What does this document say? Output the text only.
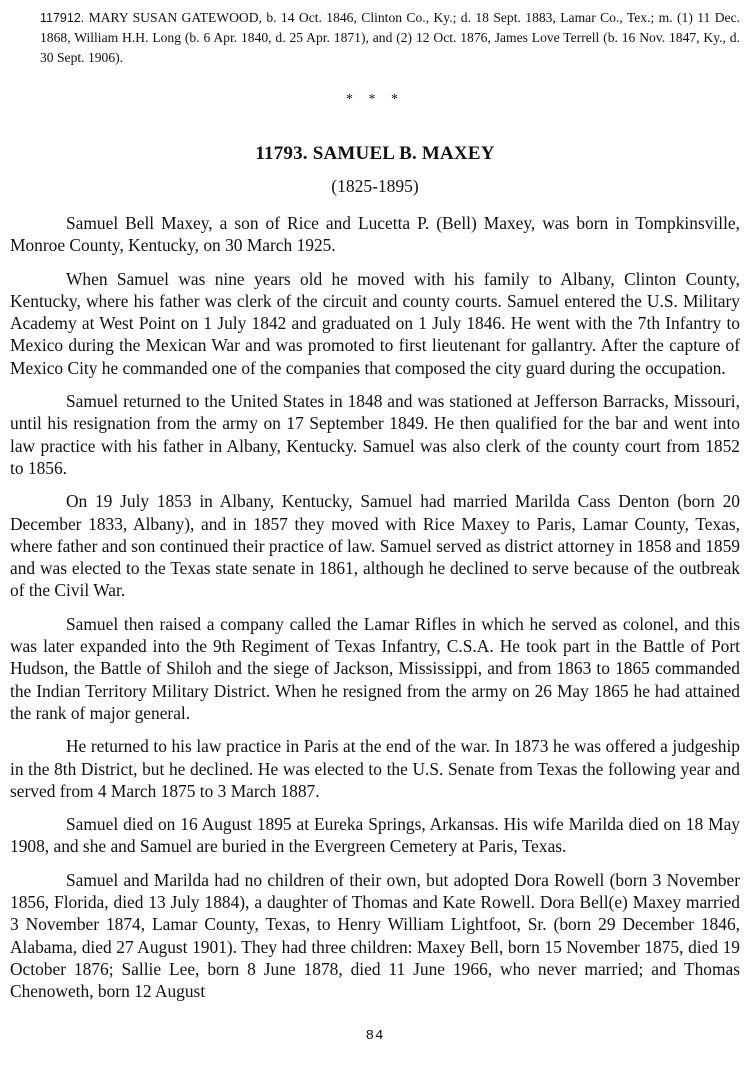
117912. MARY SUSAN GATEWOOD, b. 14 Oct. 1846, Clinton Co., Ky.; d. 18 Sept. 1883, Lamar Co., Tex.; m. (1) 11 Dec. 1868, William H.H. Long (b. 6 Apr. 1840, d. 25 Apr. 1871), and (2) 12 Oct. 1876, James Love Terrell (b. 16 Nov. 1847, Ky., d. 30 Sept. 1906).
* * *
11793. SAMUEL B. MAXEY
(1825-1895)

Samuel Bell Maxey, a son of Rice and Lucetta P. (Bell) Maxey, was born in Tompkinsville, Monroe County, Kentucky, on 30 March 1925.

When Samuel was nine years old he moved with his family to Albany, Clinton County, Kentucky, where his father was clerk of the circuit and county courts. Samuel entered the U.S. Military Academy at West Point on 1 July 1842 and graduated on 1 July 1846. He went with the 7th Infantry to Mexico during the Mexican War and was promoted to first lieutenant for gallantry. After the capture of Mexico City he commanded one of the companies that composed the city guard during the occupation.

Samuel returned to the United States in 1848 and was stationed at Jefferson Barracks, Missouri, until his resignation from the army on 17 September 1849. He then qualified for the bar and went into law practice with his father in Albany, Kentucky. Samuel was also clerk of the county court from 1852 to 1856.

On 19 July 1853 in Albany, Kentucky, Samuel had married Marilda Cass Denton (born 20 December 1833, Albany), and in 1857 they moved with Rice Maxey to Paris, Lamar County, Texas, where father and son continued their practice of law. Samuel served as district attorney in 1858 and 1859 and was elected to the Texas state senate in 1861, although he declined to serve because of the outbreak of the Civil War.

Samuel then raised a company called the Lamar Rifles in which he served as colonel, and this was later expanded into the 9th Regiment of Texas Infantry, C.S.A. He took part in the Battle of Port Hudson, the Battle of Shiloh and the siege of Jackson, Mississippi, and from 1863 to 1865 commanded the Indian Territory Military District. When he resigned from the army on 26 May 1865 he had attained the rank of major general.

He returned to his law practice in Paris at the end of the war. In 1873 he was offered a judgeship in the 8th District, but he declined. He was elected to the U.S. Senate from Texas the following year and served from 4 March 1875 to 3 March 1887.

Samuel died on 16 August 1895 at Eureka Springs, Arkansas. His wife Marilda died on 18 May 1908, and she and Samuel are buried in the Evergreen Cemetery at Paris, Texas.

Samuel and Marilda had no children of their own, but adopted Dora Rowell (born 3 November 1856, Florida, died 13 July 1884), a daughter of Thomas and Kate Rowell. Dora Bell(e) Maxey married 3 November 1874, Lamar County, Texas, to Henry William Lightfoot, Sr. (born 29 December 1846, Alabama, died 27 August 1901). They had three children: Maxey Bell, born 15 November 1875, died 19 October 1876; Sallie Lee, born 8 June 1878, died 11 June 1966, who never married; and Thomas Chenoweth, born 12 August

84
